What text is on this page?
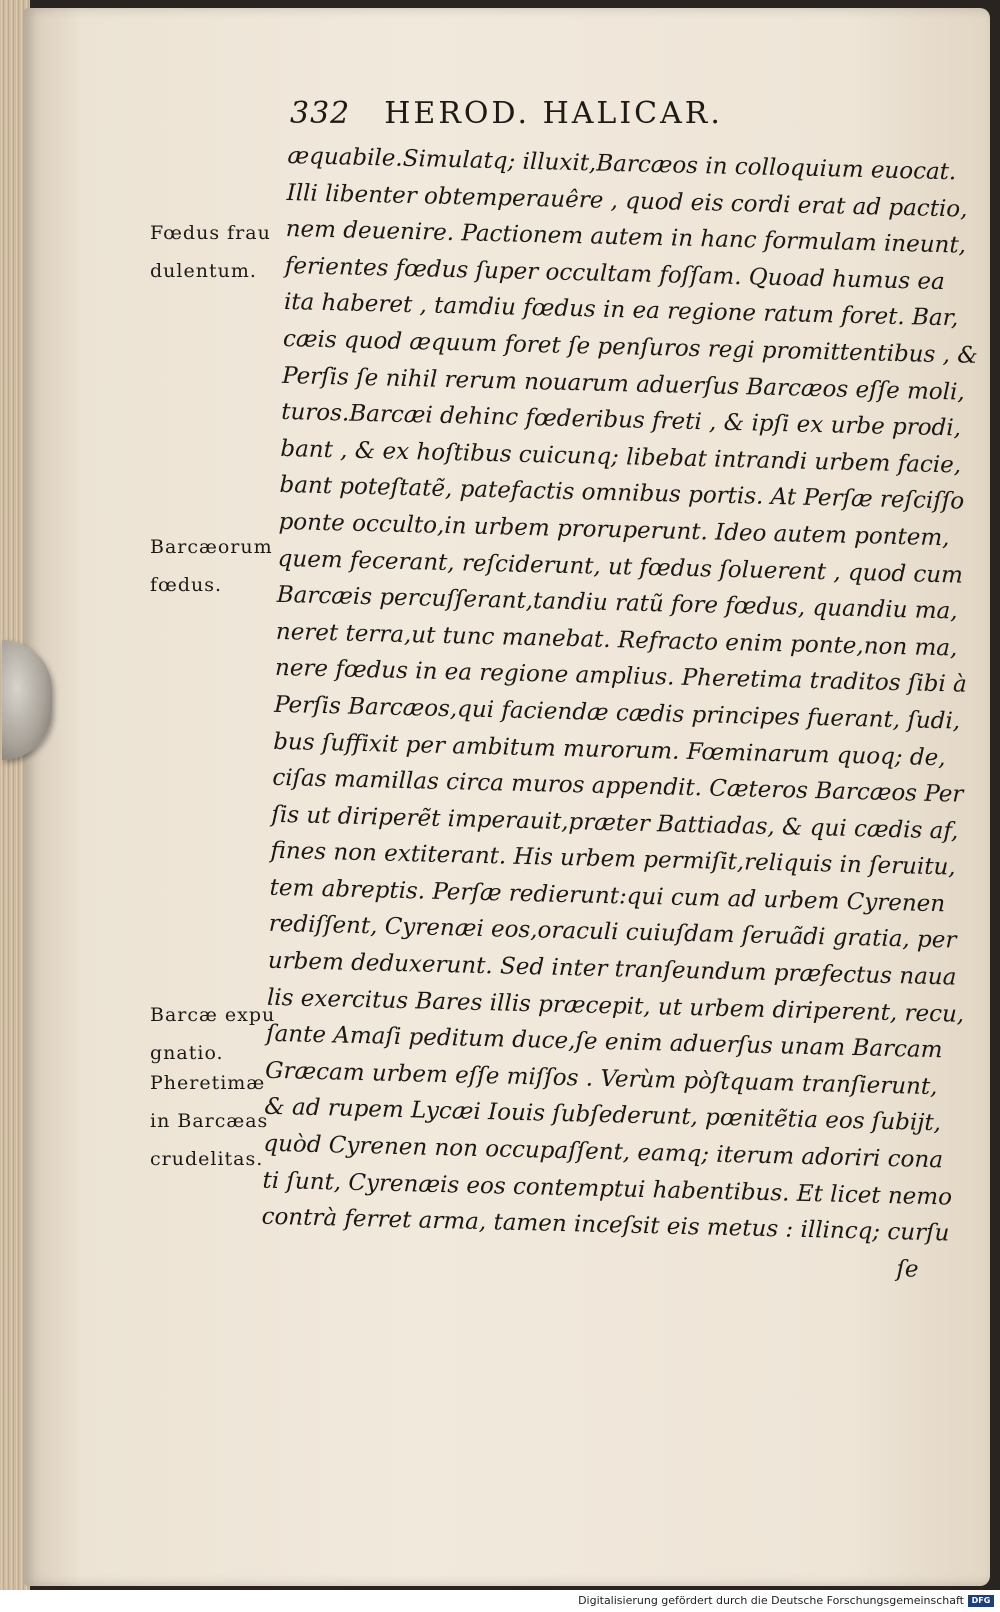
332 HEROD. HALICAR.
æquabile.Simulatq; illuxit,Barcæos in colloquium euocat.
Illi libenter obtemperauêre , quod eis cordi erat ad pactio,
nem deuenire. Pactionem autem in hanc formulam ineunt,
ferientes fœdus ſuper occultam foſſam. Quoad humus ea
ita haberet , tamdiu fœdus in ea regione ratum foret. Bar,
cæis quod æquum foret ſe penſuros regi promittentibus , &
Perſis ſe nihil rerum nouarum aduerſus Barcæos eſſe moli,
turos.Barcæi dehinc fœderibus freti , & ipſi ex urbe prodi,
bant , & ex hoſtibus cuicunq; libebat intrandi urbem facie,
bant poteſtatẽ, patefactis omnibus portis. At Perſæ reſciſſo
ponte occulto,in urbem proruperunt. Ideo autem pontem,
quem fecerant, reſciderunt, ut fœdus ſoluerent , quod cum
Barcæis percuſſerant,tandiu ratũ fore fœdus, quandiu ma,
neret terra,ut tunc manebat. Refracto enim ponte,non ma,
nere fœdus in ea regione amplius. Pheretima traditos ſibi à
Perſis Barcæos,qui faciendæ cædis principes fuerant, ſudi,
bus ſuffixit per ambitum murorum. Fœminarum quoq; de,
ciſas mamillas circa muros appendit. Cæteros Barcæos Per
ſis ut diriperẽt imperauit,præter Battiadas, & qui cædis af,
fines non extiterant. His urbem permiſit,reliquis in ſeruitu,
tem abreptis. Perſæ redierunt:qui cum ad urbem Cyrenen
rediſſent, Cyrenæi eos,oraculi cuiuſdam ſeruãdi gratia, per
urbem deduxerunt. Sed inter tranſeundum præfectus naua
lis exercitus Bares illis præcepit, ut urbem diriperent, recu,
ſante Amaſi peditum duce,ſe enim aduerſus unam Barcam
Græcam urbem eſſe miſſos . Verùm pòſtquam tranſierunt,
& ad rupem Lycæi Iouis ſubſederunt, pœnitẽtia eos ſubijt,
quòd Cyrenen non occupaſſent, eamq; iterum adoriri cona
ti ſunt, Cyrenæis eos contemptui habentibus. Et licet nemo
contrà ferret arma, tamen inceſsit eis metus : illincq; curſu
ſe
Fœdus frau
dulentum.
Barcæorum
fœdus.
Barcæ expu
gnatio.
Pheretimæ
in Barcæas
crudelitas.
Digitalisierung gefördert durch die Deutsche Forschungsgemeinschaft DFG
